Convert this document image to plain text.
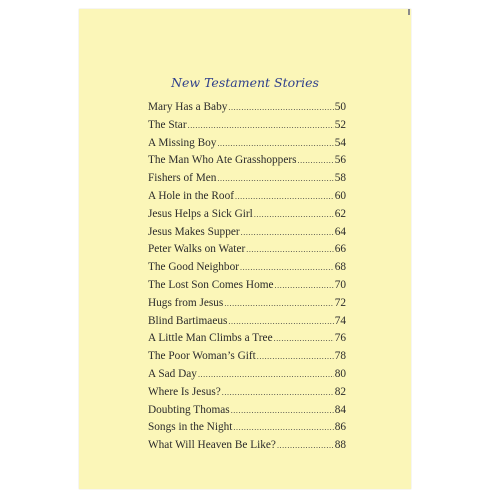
New Testament Stories
Mary Has a Baby .....	50
The Star .....	52
A Missing Boy .....	54
The Man Who Ate Grasshoppers .....	56
Fishers of Men .....	58
A Hole in the Roof .....	60
Jesus Helps a Sick Girl .....	62
Jesus Makes Supper .....	64
Peter Walks on Water .....	66
The Good Neighbor .....	68
The Lost Son Comes Home .....	70
Hugs from Jesus .....	72
Blind Bartimaeus .....	74
A Little Man Climbs a Tree .....	76
The Poor Woman’s Gift .....	78
A Sad Day .....	80
Where Is Jesus? .....	82
Doubting Thomas .....	84
Songs in the Night .....	86
What Will Heaven Be Like? .....	88
